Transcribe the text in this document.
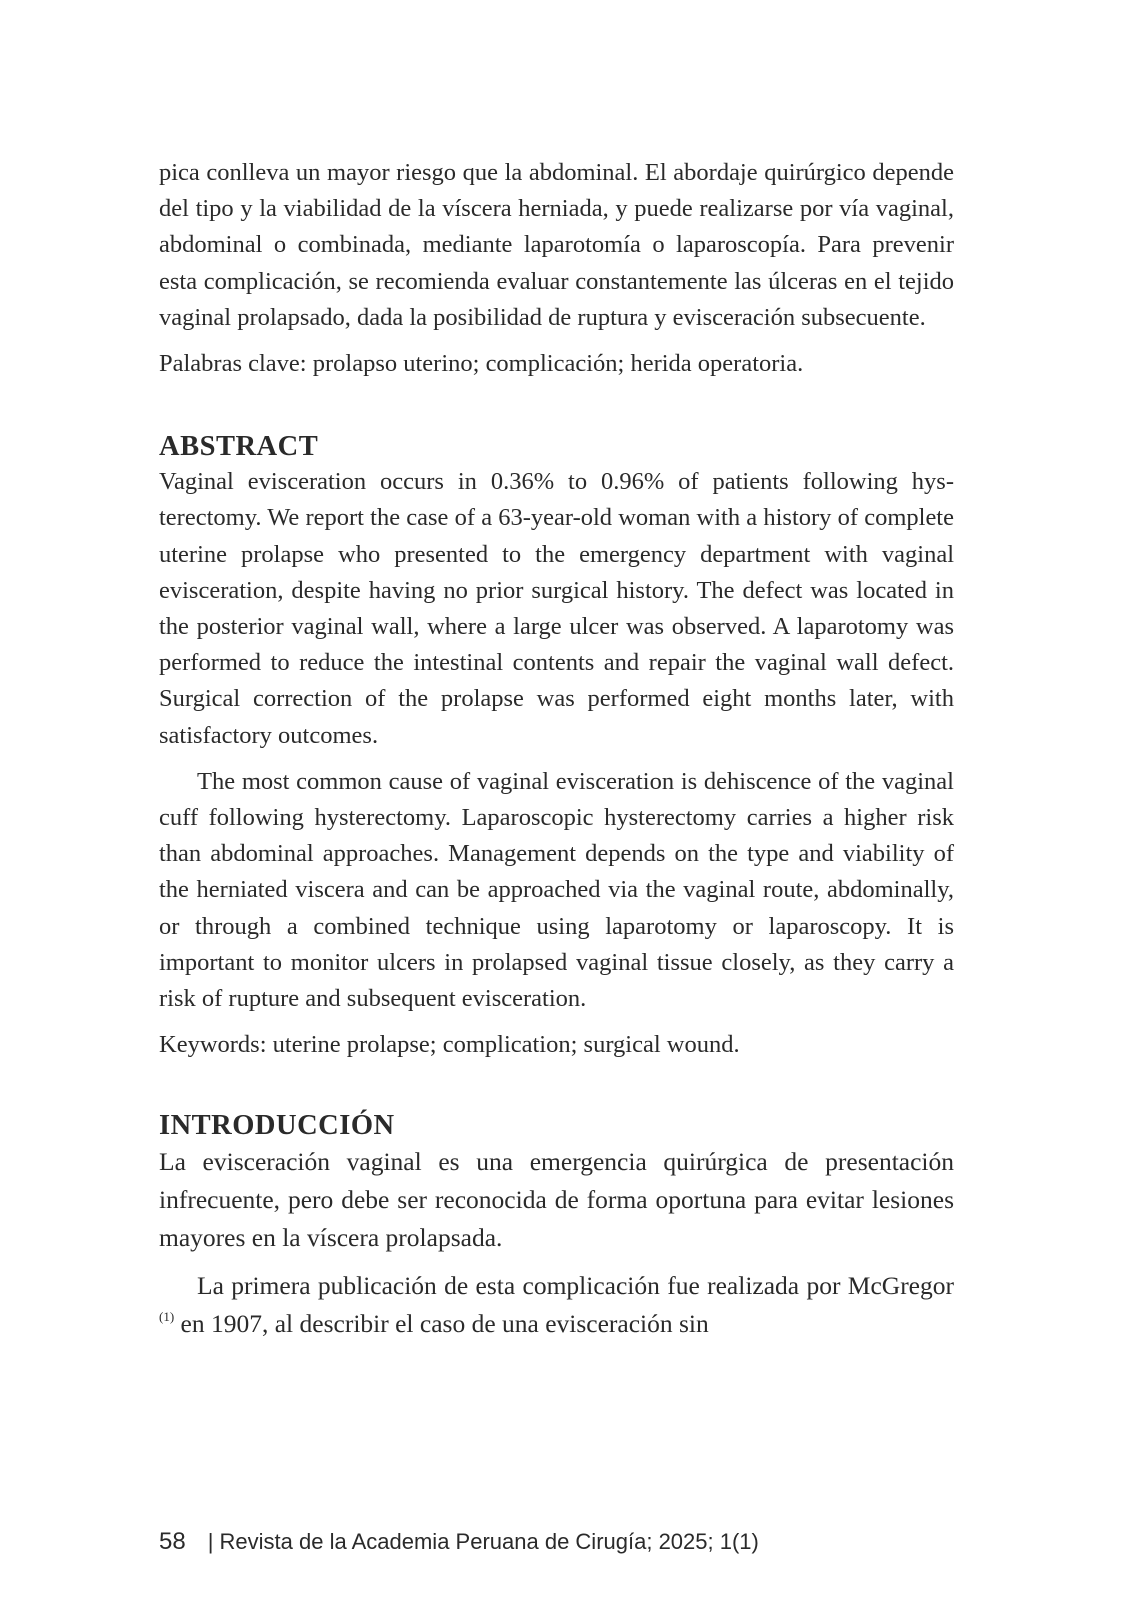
pica conlleva un mayor riesgo que la abdominal. El abordaje quirúrgico depende del tipo y la viabilidad de la víscera herniada, y puede realizarse por vía vaginal, abdominal o combinada, mediante laparotomía o laparoscopía. Para prevenir esta complicación, se recomienda evaluar constantemente las úlceras en el tejido vaginal prolapsado, dada la posibilidad de ruptura y evisceración subsecuente.

Palabras clave: prolapso uterino; complicación; herida operatoria.

ABSTRACT

Vaginal evisceration occurs in 0.36% to 0.96% of patients following hysterectomy. We report the case of a 63-year-old woman with a history of complete uterine prolapse who presented to the emergency department with vaginal evisceration, despite having no prior surgical history. The defect was located in the posterior vaginal wall, where a large ulcer was observed. A laparotomy was performed to reduce the intestinal contents and repair the vaginal wall defect. Surgical correction of the prolapse was performed eight months later, with satisfactory outcomes.

The most common cause of vaginal evisceration is dehiscence of the vaginal cuff following hysterectomy. Laparoscopic hysterectomy carries a higher risk than abdominal approaches. Management depends on the type and viability of the herniated viscera and can be approached via the vaginal route, abdominally, or through a combined technique using laparotomy or laparoscopy. It is important to monitor ulcers in prolapsed vaginal tissue closely, as they carry a risk of rupture and subsequent evisceration.

Keywords: uterine prolapse; complication; surgical wound.

INTRODUCCIÓN

La evisceración vaginal es una emergencia quirúrgica de presentación infrecuente, pero debe ser reconocida de forma oportuna para evitar lesiones mayores en la víscera prolapsada.

La primera publicación de esta complicación fue realizada por McGregor $^{(1)}$ en 1907, al describir el caso de una evisceración sin

58 | Revista de la Academia Peruana de Cirugía; 2025; 1(1)
